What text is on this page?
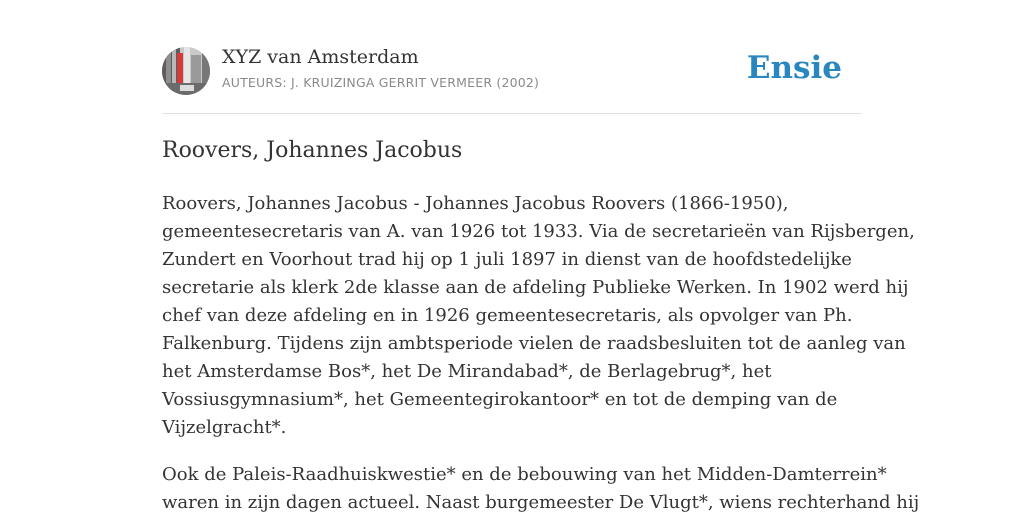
XYZ van Amsterdam
AUTEURS: J. KRUIZINGA GERRIT VERMEER (2002)	Ensie
Roovers, Johannes Jacobus

Roovers, Johannes Jacobus - Johannes Jacobus Roovers (1866-1950),
gemeentesecretaris van A. van 1926 tot 1933. Via de secretarieën van Rijsbergen,
Zundert en Voorhout trad hij op 1 juli 1897 in dienst van de hoofdstedelijke
secretarie als klerk 2de klasse aan de afdeling Publieke Werken. In 1902 werd hij
chef van deze afdeling en in 1926 gemeentesecretaris, als opvolger van Ph.
Falkenburg. Tijdens zijn ambtsperiode vielen de raadsbesluiten tot de aanleg van
het Amsterdamse Bos*, het De Mirandabad*, de Berlagebrug*, het
Vossiusgymnasium*, het Gemeentegirokantoor* en tot de demping van de
Vijzelgracht*.

Ook de Paleis-Raadhuiskwestie* en de bebouwing van het Midden-Damterrein*
waren in zijn dagen actueel. Naast burgemeester De Vlugt*, wiens rechterhand hij
